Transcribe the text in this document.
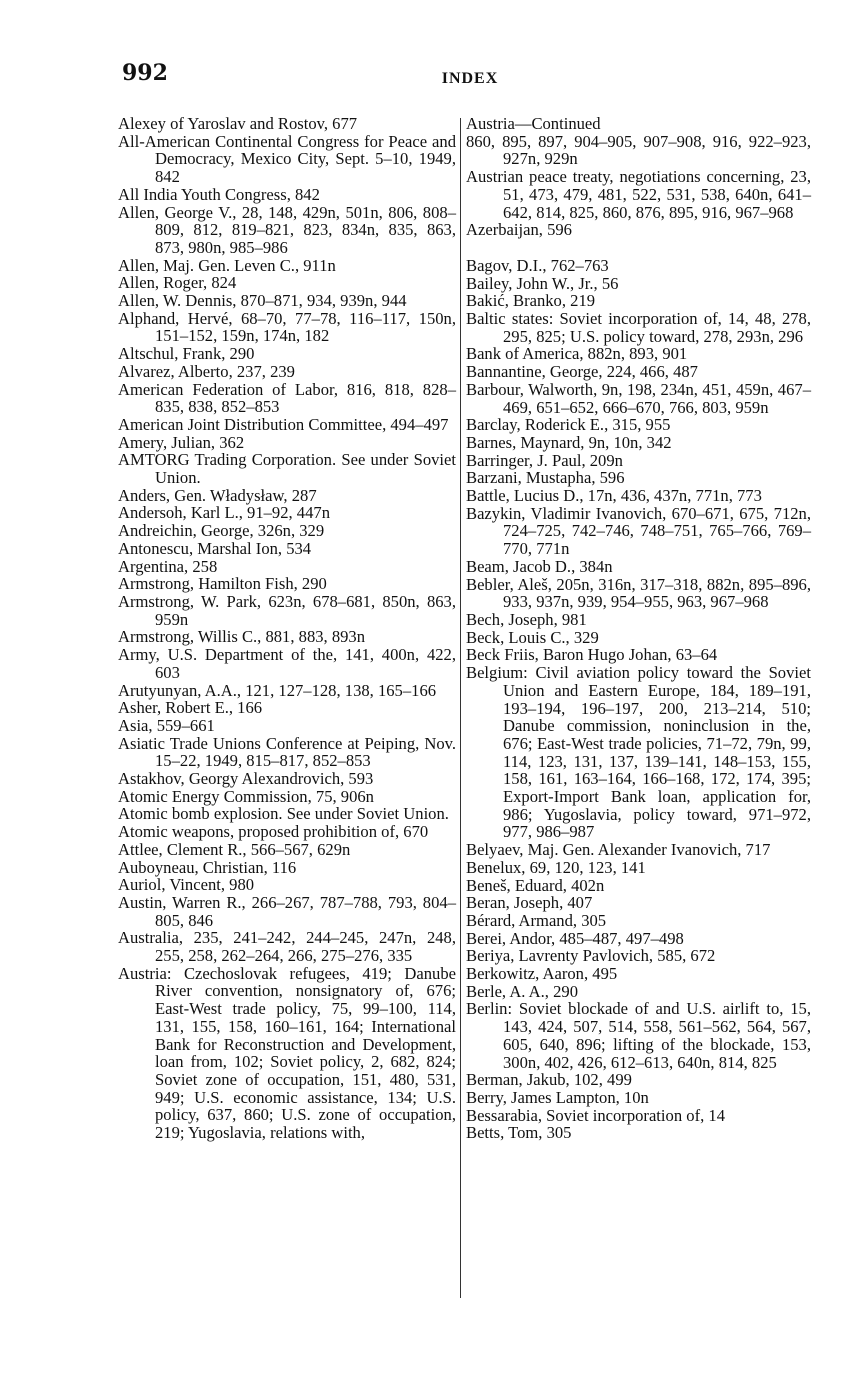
992	INDEX
Alexey of Yaroslav and Rostov, 677
All-American Continental Congress for Peace and Democracy, Mexico City, Sept. 5–10, 1949, 842
All India Youth Congress, 842
Allen, George V., 28, 148, 429n, 501n, 806, 808–809, 812, 819–821, 823, 834n, 835, 863, 873, 980n, 985–986
Allen, Maj. Gen. Leven C., 911n
Allen, Roger, 824
Allen, W. Dennis, 870–871, 934, 939n, 944
Alphand, Hervé, 68–70, 77–78, 116–117, 150n, 151–152, 159n, 174n, 182
Altschul, Frank, 290
Alvarez, Alberto, 237, 239
American Federation of Labor, 816, 818, 828–835, 838, 852–853
American Joint Distribution Committee, 494–497
Amery, Julian, 362
AMTORG Trading Corporation. See under Soviet Union.
Anders, Gen. Władysław, 287
Andersoh, Karl L., 91–92, 447n
Andreichin, George, 326n, 329
Antonescu, Marshal Ion, 534
Argentina, 258
Armstrong, Hamilton Fish, 290
Armstrong, W. Park, 623n, 678–681, 850n, 863, 959n
Armstrong, Willis C., 881, 883, 893n
Army, U.S. Department of the, 141, 400n, 422, 603
Arutyunyan, A.A., 121, 127–128, 138, 165–166
Asher, Robert E., 166
Asia, 559–661
Asiatic Trade Unions Conference at Peiping, Nov. 15–22, 1949, 815–817, 852–853
Astakhov, Georgy Alexandrovich, 593
Atomic Energy Commission, 75, 906n
Atomic bomb explosion. See under Soviet Union.
Atomic weapons, proposed prohibition of, 670
Attlee, Clement R., 566–567, 629n
Auboyneau, Christian, 116
Auriol, Vincent, 980
Austin, Warren R., 266–267, 787–788, 793, 804–805, 846
Australia, 235, 241–242, 244–245, 247n, 248, 255, 258, 262–264, 266, 275–276, 335
Austria: Czechoslovak refugees, 419; Danube River convention, nonsignatory of, 676; East-West trade policy, 75, 99–100, 114, 131, 155, 158, 160–161, 164; International Bank for Reconstruction and Development, loan from, 102; Soviet policy, 2, 682, 824; Soviet zone of occupation, 151, 480, 531, 949; U.S. economic assistance, 134; U.S. policy, 637, 860; U.S. zone of occupation, 219; Yugoslavia, relations with,
Austria—Continued
860, 895, 897, 904–905, 907–908, 916, 922–923, 927n, 929n
Austrian peace treaty, negotiations concerning, 23, 51, 473, 479, 481, 522, 531, 538, 640n, 641–642, 814, 825, 860, 876, 895, 916, 967–968
Azerbaijan, 596
Bagov, D.I., 762–763
Bailey, John W., Jr., 56
Bakić, Branko, 219
Baltic states: Soviet incorporation of, 14, 48, 278, 295, 825; U.S. policy toward, 278, 293n, 296
Bank of America, 882n, 893, 901
Bannantine, George, 224, 466, 487
Barbour, Walworth, 9n, 198, 234n, 451, 459n, 467–469, 651–652, 666–670, 766, 803, 959n
Barclay, Roderick E., 315, 955
Barnes, Maynard, 9n, 10n, 342
Barringer, J. Paul, 209n
Barzani, Mustapha, 596
Battle, Lucius D., 17n, 436, 437n, 771n, 773
Bazykin, Vladimir Ivanovich, 670–671, 675, 712n, 724–725, 742–746, 748–751, 765–766, 769–770, 771n
Beam, Jacob D., 384n
Bebler, Aleš, 205n, 316n, 317–318, 882n, 895–896, 933, 937n, 939, 954–955, 963, 967–968
Bech, Joseph, 981
Beck, Louis C., 329
Beck Friis, Baron Hugo Johan, 63–64
Belgium: Civil aviation policy toward the Soviet Union and Eastern Europe, 184, 189–191, 193–194, 196–197, 200, 213–214, 510; Danube commission, noninclusion in the, 676; East-West trade policies, 71–72, 79n, 99, 114, 123, 131, 137, 139–141, 148–153, 155, 158, 161, 163–164, 166–168, 172, 174, 395; Export-Import Bank loan, application for, 986; Yugoslavia, policy toward, 971–972, 977, 986–987
Belyaev, Maj. Gen. Alexander Ivanovich, 717
Benelux, 69, 120, 123, 141
Beneš, Eduard, 402n
Beran, Joseph, 407
Bérard, Armand, 305
Berei, Andor, 485–487, 497–498
Beriya, Lavrenty Pavlovich, 585, 672
Berkowitz, Aaron, 495
Berle, A. A., 290
Berlin: Soviet blockade of and U.S. airlift to, 15, 143, 424, 507, 514, 558, 561–562, 564, 567, 605, 640, 896; lifting of the blockade, 153, 300n, 402, 426, 612–613, 640n, 814, 825
Berman, Jakub, 102, 499
Berry, James Lampton, 10n
Bessarabia, Soviet incorporation of, 14
Betts, Tom, 305
